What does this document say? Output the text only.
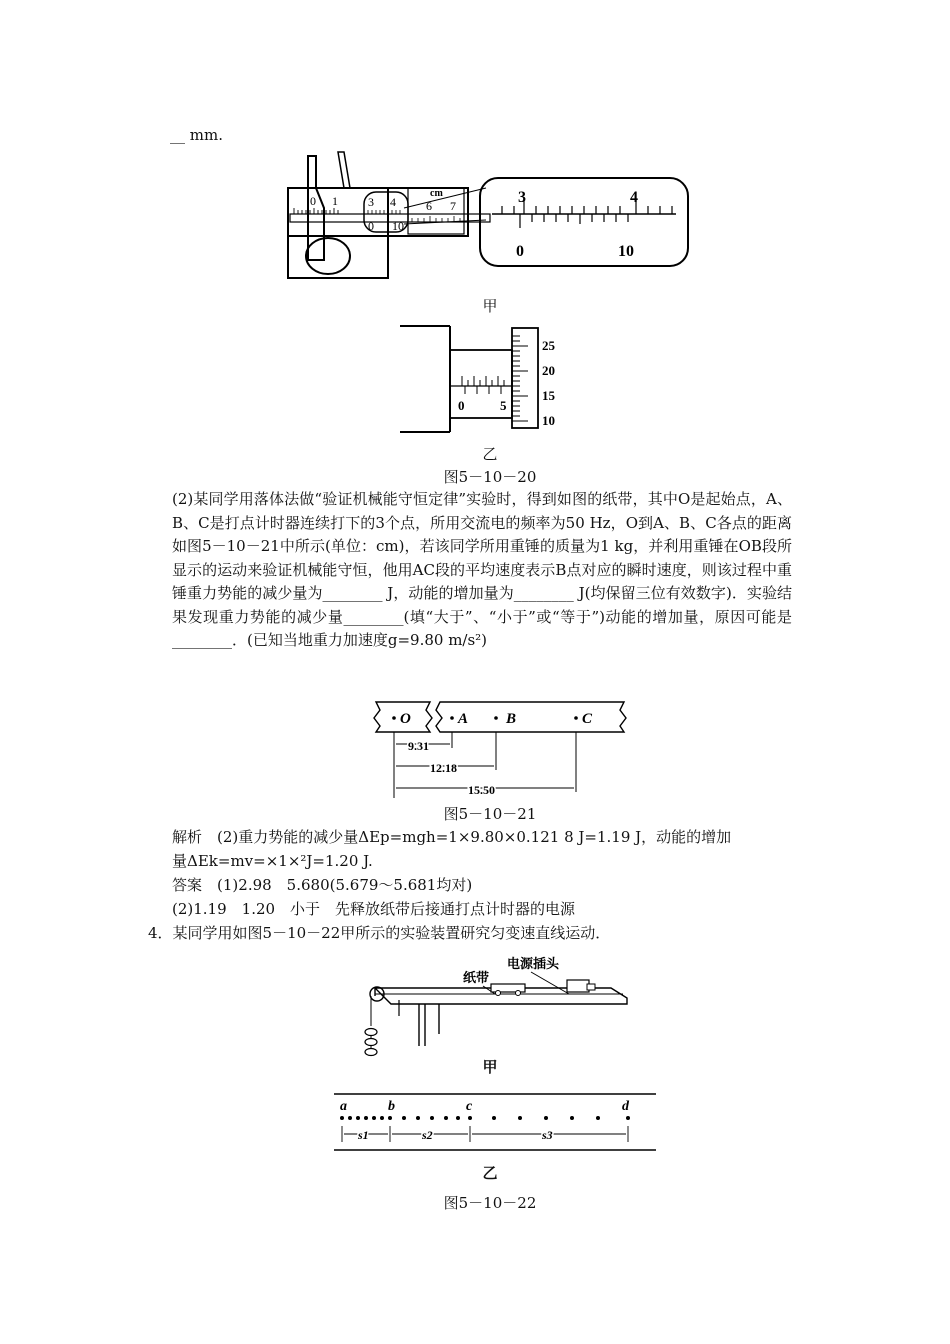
__ mm.
0 1	3 4
0 10
cm
6 7	3	4
0	10
甲
0	5
25
20
15
10
乙
图5－10－20
(2)某同学用落体法做“验证机械能守恒定律”实验时，得到如图的纸带，其中O是起始点，A、B、C是打点计时器连续打下的3个点，所用交流电的频率为50 Hz，O到A、B、C各点的距离如图5－10－21中所示(单位：cm)，若该同学所用重锤的质量为1 kg，并利用重锤在OB段所显示的运动来验证机械能守恒，他用AC段的平均速度表示B点对应的瞬时速度，则该过程中重锤重力势能的减少量为________ J，动能的增加量为________ J(均保留三位有效数字)．实验结果发现重力势能的减少量________(填“大于”、“小于”或“等于”)动能的增加量，原因可能是________．(已知当地重力加速度g=9.80 m/s²)
O	A	B	C
9.31
12.18
15.50
图5－10－21
解析　 (2)重力势能的减少量ΔEp=mgh=1×9.80×0.121 8 J=1.19 J，动能的增加
量ΔEk=mv=×1×²J=1.20 J.
答案　 (1)2.98　5.680(5.679～5.681均对)
(2)1.19　1.20　小于　先释放纸带后接通打点计时器的电源
4．某同学用如图5－10－22甲所示的实验装置研究匀变速直线运动．
纸带
电源插头
甲
a	b	c	d
s1	s2	s3
乙
图5－10－22
